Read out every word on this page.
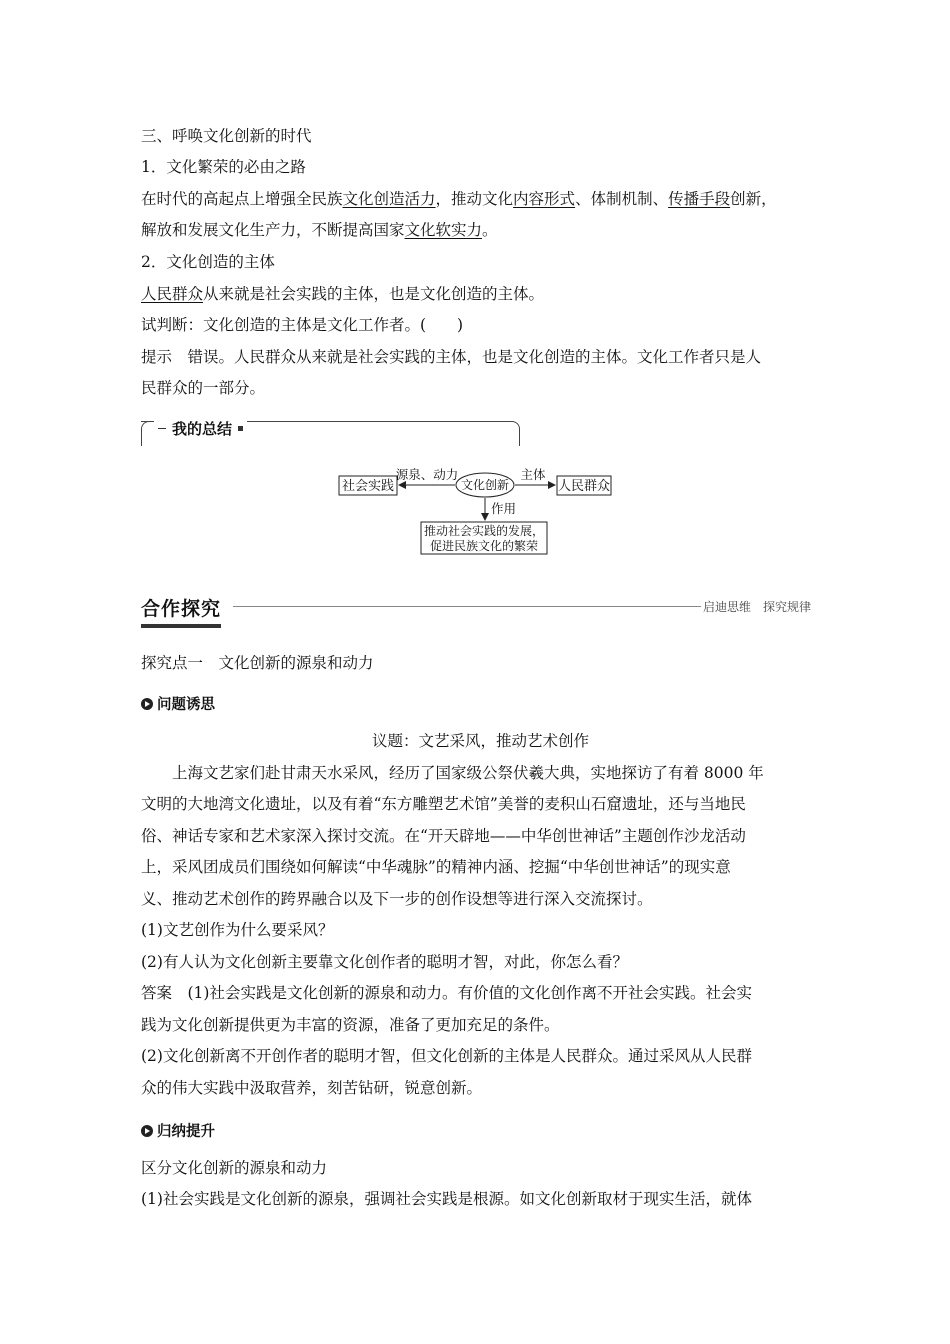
三、呼唤文化创新的时代
1．文化繁荣的必由之路
在时代的高起点上增强全民族文化创造活力，推动文化内容形式、体制机制、传播手段创新，
解放和发展文化生产力，不断提高国家文化软实力。
2．文化创造的主体
人民群众从来就是社会实践的主体，也是文化创造的主体。
试判断：文化创造的主体是文化工作者。(　　)
提示　错误。人民群众从来就是社会实践的主体，也是文化创造的主体。文化工作者只是人
民群众的一部分。
我的总结
社会实践
源泉、动力
文化创新
主体
人民群众
作用
推动社会实践的发展，
促进民族文化的繁荣
合作探究	启迪思维　探究规律
探究点一　文化创新的源泉和动力
问题诱思
议题：文艺采风，推动艺术创作
上海文艺家们赴甘肃天水采风，经历了国家级公祭伏羲大典，实地探访了有着 8000 年
文明的大地湾文化遗址，以及有着“东方雕塑艺术馆”美誉的麦积山石窟遗址，还与当地民
俗、神话专家和艺术家深入探讨交流。在“开天辟地——中华创世神话”主题创作沙龙活动
上，采风团成员们围绕如何解读“中华魂脉”的精神内涵、挖掘“中华创世神话”的现实意
义、推动艺术创作的跨界融合以及下一步的创作设想等进行深入交流探讨。
(1)文艺创作为什么要采风？
(2)有人认为文化创新主要靠文化创作者的聪明才智，对此，你怎么看？
答案　(1)社会实践是文化创新的源泉和动力。有价值的文化创作离不开社会实践。社会实
践为文化创新提供更为丰富的资源，准备了更加充足的条件。
(2)文化创新离不开创作者的聪明才智，但文化创新的主体是人民群众。通过采风从人民群
众的伟大实践中汲取营养，刻苦钻研，锐意创新。
归纳提升
区分文化创新的源泉和动力
(1)社会实践是文化创新的源泉，强调社会实践是根源。如文化创新取材于现实生活，就体
